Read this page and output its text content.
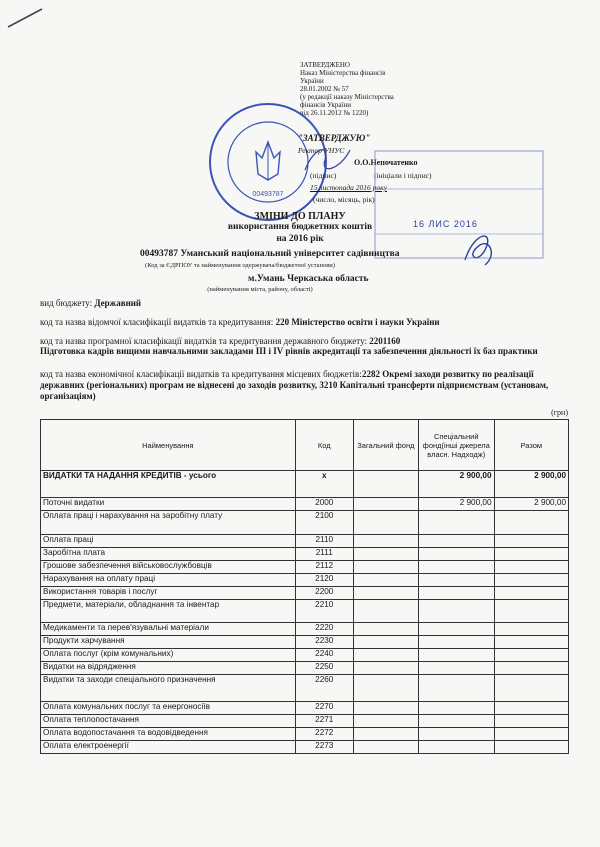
ЗАТВЕРДЖЕНО
Наказ Міністерства фінансів
України
28.01.2002 № 57
(у редакції наказу Міністерства
фінансів України
від 26.11.2012 № 1220)
00493787
"ЗАТВЕРДЖУЮ"
Ректор УНУС
О.О.Непочатенко
(підпис)	(ініціали і підпис)
15 листопада 2016 року
(число, місяць, рік)
16 ЛИС 2016
ЗМІНИ ДО ПЛАНУ
використання бюджетних коштів
на 2016 рік
00493787 Уманський національний університет садівництва
(Код за ЄДРПОУ та найменування одержувача/бюджетної установи)
м.Умань Черкаська область
(найменування міста, району, області)
вид бюджету: Державний
код та назва відомчої класифікації видатків та кредитування: 220 Міністерство освіти і науки України
код та назва програмної класифікації видатків та кредитування державного бюджету: 2201160
Підготовка кадрів вищими навчальними закладами III і IV рівнів акредитації та забезпечення діяльності їх баз практики
код та назва економічної класифікації видатків та кредитування місцевих бюджетів: 2282 Окремі заходи розвитку по реалізації державних (регіональних) програм не віднесені до заходів розвитку, 3210 Капітальні трансферти підприємствам (установам, організаціям)
(грн)
Найменування	Код	Загальний фонд	Спеціальний фонд(інші джерела власн. Надходж)	Разом
ВИДАТКИ ТА НАДАННЯ КРЕДИТІВ - усього	х		2 900,00	2 900,00
Поточні видатки	2000		2 900,00	2 900,00
Оплата праці і нарахування на заробітну плату	2100			
Оплата праці	2110			
Заробітна плата	2111			
Грошове забезпечення військовослужбовців	2112			
Нарахування на оплату праці	2120			
Використання товарів і послуг	2200			
Предмети, матеріали, обладнання та інвентар	2210			
Медикаменти та перев'язувальні матеріали	2220			
Продукти харчування	2230			
Оплата послуг (крім комунальних)	2240			
Видатки на відрядження	2250			
Видатки та заходи спеціального призначення	2260			
Оплата комунальних послуг та енергоносіїв	2270			
Оплата теплопостачання	2271			
Оплата водопостачання та водовідведення	2272			
Оплата електроенергії	2273			
